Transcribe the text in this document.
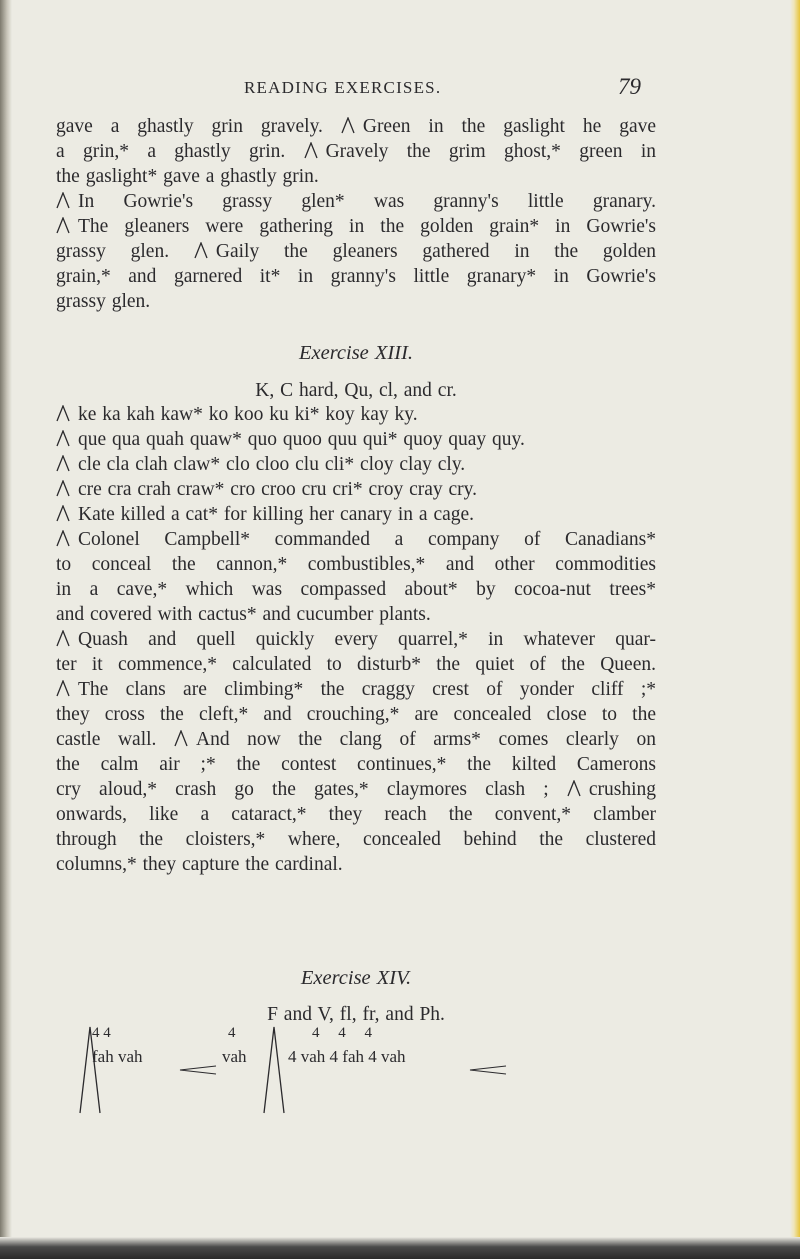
READING EXERCISES.	79
gave a ghastly grin gravely. Green in the gaslight he gave
a grin,* a ghastly grin. Gravely the grim ghost,* green in
the gaslight* gave a ghastly grin.
In Gowrie's grassy glen* was granny's little granary.
The gleaners were gathering in the golden grain* in Gowrie's
grassy glen. Gaily the gleaners gathered in the golden
grain,* and garnered it* in granny's little granary* in Gowrie's
grassy glen.
Exercise XIII.
K, C hard, Qu, cl, and cr.
ke ka kah kaw* ko koo ku ki* koy kay ky.
que qua quah quaw* quo quoo quu qui* quoy quay quy.
cle cla clah claw* clo cloo clu cli* cloy clay cly.
cre cra crah craw* cro croo cru cri* croy cray cry.
Kate killed a cat* for killing her canary in a cage.
Colonel Campbell* commanded a company of Canadians*
to conceal the cannon,* combustibles,* and other commodities
in a cave,* which was compassed about* by cocoa-nut trees*
and covered with cactus* and cucumber plants.
Quash and quell quickly every quarrel,* in whatever quar-
ter it commence,* calculated to disturb* the quiet of the Queen.
The clans are climbing* the craggy crest of yonder cliff ;*
they cross the cleft,* and crouching,* are concealed close to the
castle wall. And now the clang of arms* comes clearly on
the calm air ;* the contest continues,* the kilted Camerons
cry aloud,* crash go the gates,* claymores clash ; crushing
onwards, like a cataract,* they reach the convent,* clamber
through the cloisters,* where, concealed behind the clustered
columns,* they capture the cardinal.
Exercise XIV.
F and V, fl, fr, and Ph.
4 4	4
fah vah	vah
4     4     4
4 vah 4 fah 4 vah
